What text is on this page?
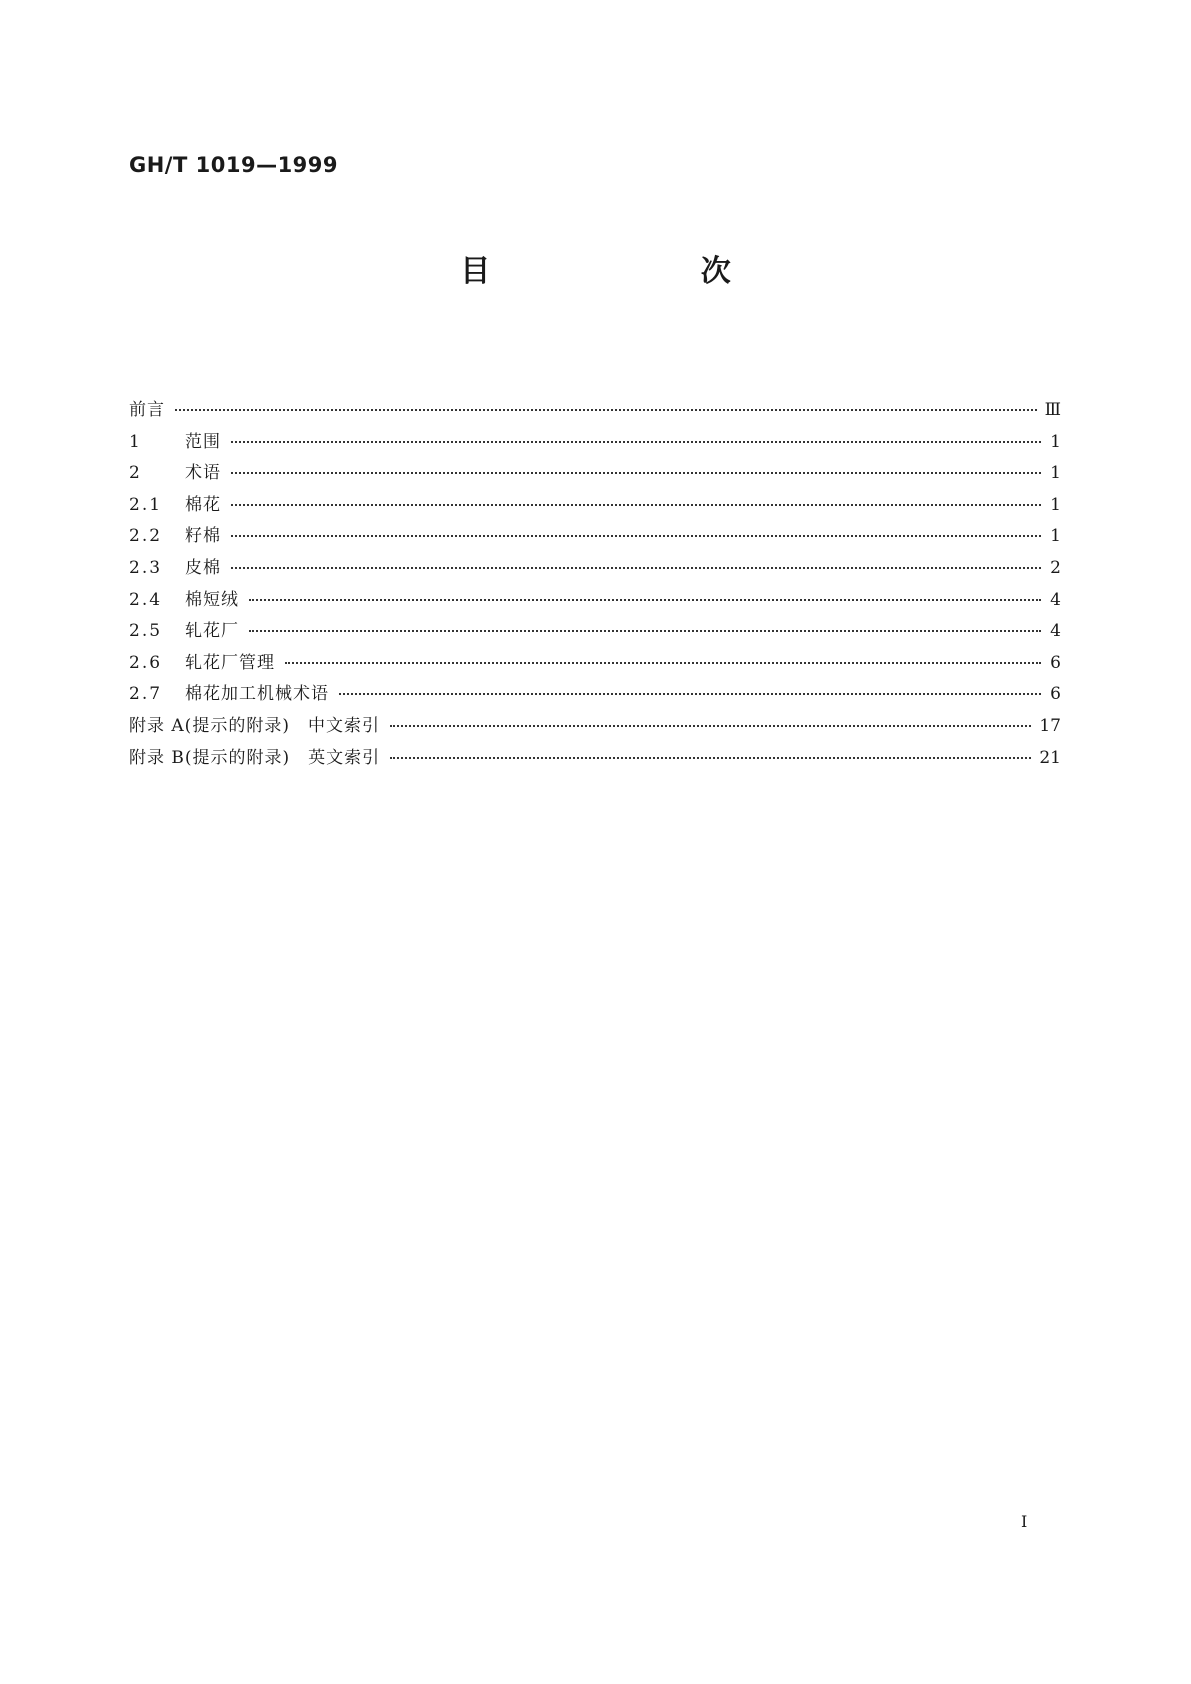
GH/T 1019—1999
目 次
前言	Ⅲ
1	范围	1
2	术语	1
2.1	棉花	1
2.2	籽棉	1
2.3	皮棉	2
2.4	棉短绒	4
2.5	轧花厂	4
2.6	轧花厂管理	6
2.7	棉花加工机械术语	6
附录 A(提示的附录)　中文索引	17
附录 B(提示的附录)　英文索引	21
I
